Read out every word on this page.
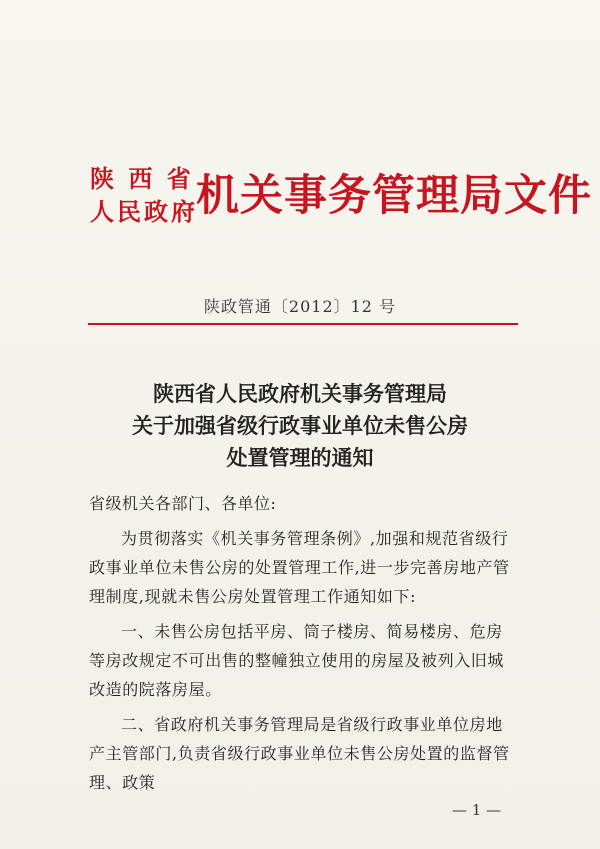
陕 西 省
人民政府
机关事务管理局文件
陕政管通〔2012〕12 号
陕西省人民政府机关事务管理局
关于加强省级行政事业单位未售公房
处置管理的通知
省级机关各部门、各单位:
为贯彻落实《机关事务管理条例》,加强和规范省级行政事业单位未售公房的处置管理工作,进一步完善房地产管理制度,现就未售公房处置管理工作通知如下:
一、未售公房包括平房、筒子楼房、简易楼房、危房等房改规定不可出售的整幢独立使用的房屋及被列入旧城改造的院落房屋。
二、省政府机关事务管理局是省级行政事业单位房地产主管部门,负责省级行政事业单位未售公房处置的监督管理、政策
— 1 —
